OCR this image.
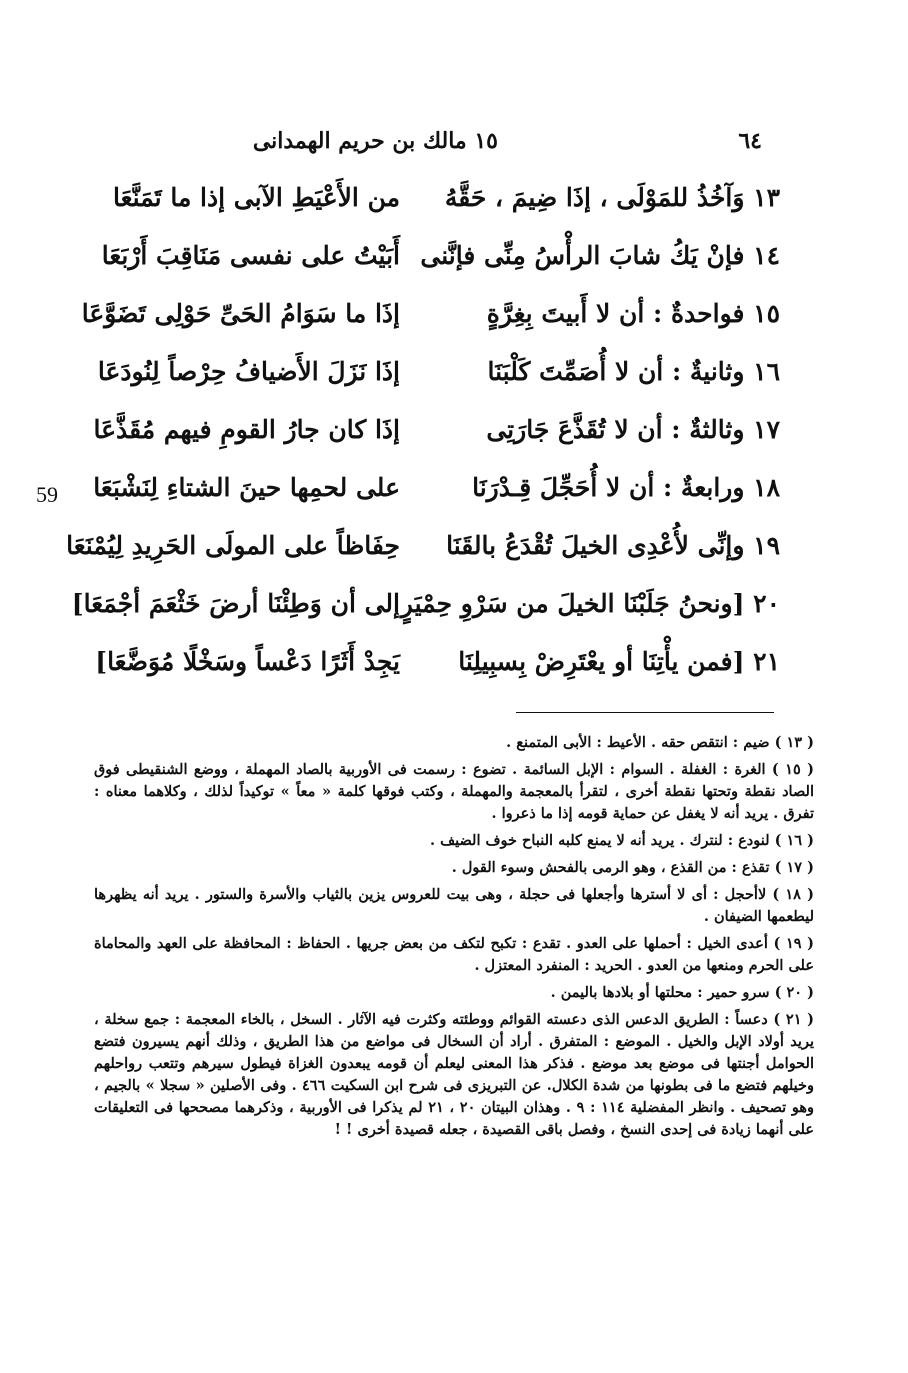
٦٤
١٥ مالك بن حريم الهمدانى
١٣ وَآخُذُ للمَوْلَى ، إذَا ضِيمَ ، حَقَّهُ
من الأَعْيَطِ الآبى إذا ما تَمَنَّعَا
١٤ فإنْ يَكُ شابَ الرأْسُ مِنِّى فإنَّنى
أَبَيْتُ على نفسى مَنَاقِبَ أَرْبَعَا
١٥ فواحدةٌ : أن لا أَبيتَ بِغِرَّةٍ
إذَا ما سَوَامُ الحَىِّ حَوْلِى تَضَوَّعَا
١٦ وثانيةٌ : أن لا أُصَمِّتَ كَلْبَنَا
إذَا نَزَلَ الأَضيافُ حِرْصاً لِنُودَعَا
١٧ وثالثةٌ : أن لا تُقَذَّعَ جَارَتِى
إذَا كان جارُ القومِ فيهم مُقَذَّعَا
١٨ ورابعةٌ : أن لا أُحَجِّلَ قِـدْرَنَا
على لحمِها حينَ الشتاءِ لِنَشْبَعَا
١٩ وإنِّى لأُعْدِى الخيلَ تُقْدَعُ بالقَنَا
حِفَاظاً على المولَى الحَرِيدِ لِيُمْنَعَا
٢٠ [ونحنُ جَلَبْنَا الخيلَ من سَرْوِ حِمْيَرٍ
إلى أن وَطِئْنَا أرضَ خَثْعَمَ أجْمَعَا]
٢١ [فمن يأْتِنَا أو يعْتَرِضْ بِسبِيلِنَا
يَجِدْ أَثَرًا دَعْساً وسَخْلًا مُوَضَّعَا]
59

( ١٣ ) ضيم : انتقص حقه . الأعيط : الأبى المتمنع .

( ١٥ ) الغرة : الغفلة . السوام : الإبل السائمة . تضوع : رسمت فى الأوربية بالصاد المهملة ، ووضع الشنقيطى فوق الصاد نقطة وتحتها نقطة أخرى ، لتقرأ بالمعجمة والمهملة ، وكتب فوقها كلمة « معاً » توكيداً لذلك ، وكلاهما معناه : تفرق . يريد أنه لا يغفل عن حماية قومه إذا ما ذعروا .

( ١٦ ) لنودع : لنترك . يريد أنه لا يمنع كلبه النباح خوف الضيف .

( ١٧ ) تقذع : من القذع ، وهو الرمى بالفحش وسوء القول .

( ١٨ ) لاأحجل : أى لا أسترها وأجعلها فى حجلة ، وهى بيت للعروس يزين بالثياب والأسرة والستور . يريد أنه يظهرها ليطعمها الضيفان .

( ١٩ ) أعدى الخيل : أحملها على العدو . تقدع : تكبح لتكف من بعض جريها . الحفاظ : المحافظة على العهد والمحاماة على الحرم ومنعها من العدو . الحريد : المنفرد المعتزل .

( ٢٠ ) سرو حمير : محلتها أو بلادها باليمن .

( ٢١ ) دعساً : الطريق الدعس الذى دعسته القوائم ووطئته وكثرت فيه الآثار . السخل ، بالخاء المعجمة : جمع سخلة ، يريد أولاد الإبل والخيل . الموضع : المتفرق . أراد أن السخال فى مواضع من هذا الطريق ، وذلك أنهم يسيرون فتضع الحوامل أجنتها فى موضع بعد موضع . فذكر هذا المعنى ليعلم أن قومه يبعدون الغزاة فيطول سيرهم وتتعب رواحلهم وخيلهم فتضع ما فى بطونها من شدة الكلال. عن التبريزى فى شرح ابن السكيت ٤٦٦ . وفى الأصلين « سجلا » بالجيم ، وهو تصحيف . وانظر المفضلية ١١٤ : ٩ . وهذان البيتان ٢٠ ، ٢١ لم يذكرا فى الأوربية ، وذكرهما مصححها فى التعليقات على أنهما زيادة فى إحدى النسخ ، وفصل باقى القصيدة ، جعله قصيدة أخرى ! !
